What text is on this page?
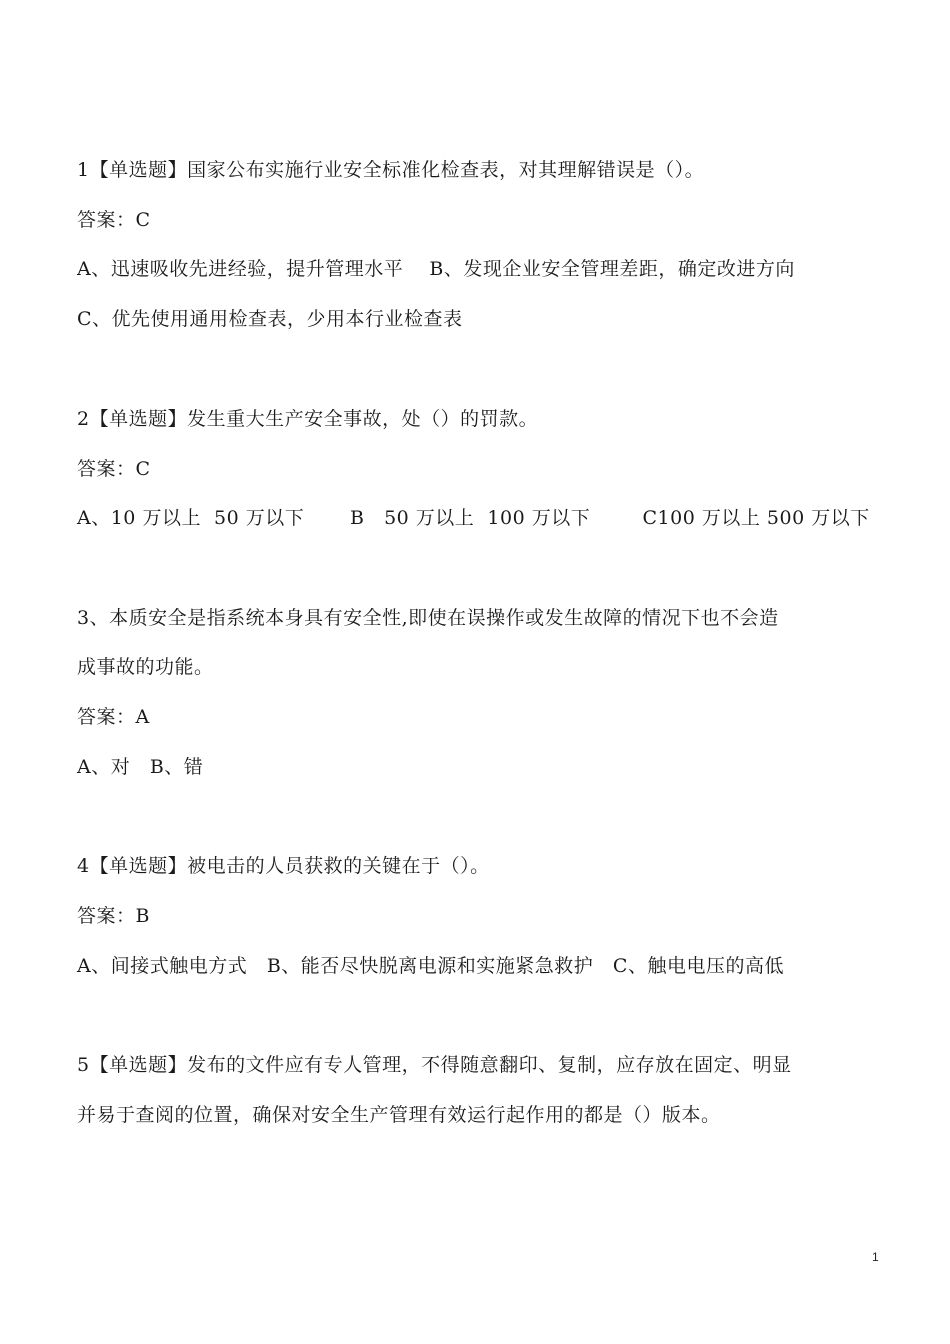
1【单选题】国家公布实施行业安全标准化检查表，对其理解错误是（）。
答案：C
A、迅速吸收先进经验，提升管理水平    B、发现企业安全管理差距，确定改进方向
C、优先使用通用检查表，少用本行业检查表
2【单选题】发生重大生产安全事故，处（）的罚款。
答案：C
A、10 万以上  50 万以下       B   50 万以上  100 万以下        C100 万以上 500 万以下
3、本质安全是指系统本身具有安全性,即使在误操作或发生故障的情况下也不会造
成事故的功能。
答案：A
A、对   B、错
4【单选题】被电击的人员获救的关键在于（）。
答案：B
A、间接式触电方式   B、能否尽快脱离电源和实施紧急救护   C、触电电压的高低
5【单选题】发布的文件应有专人管理，不得随意翻印、复制，应存放在固定、明显
并易于查阅的位置，确保对安全生产管理有效运行起作用的都是（）版本。
1
